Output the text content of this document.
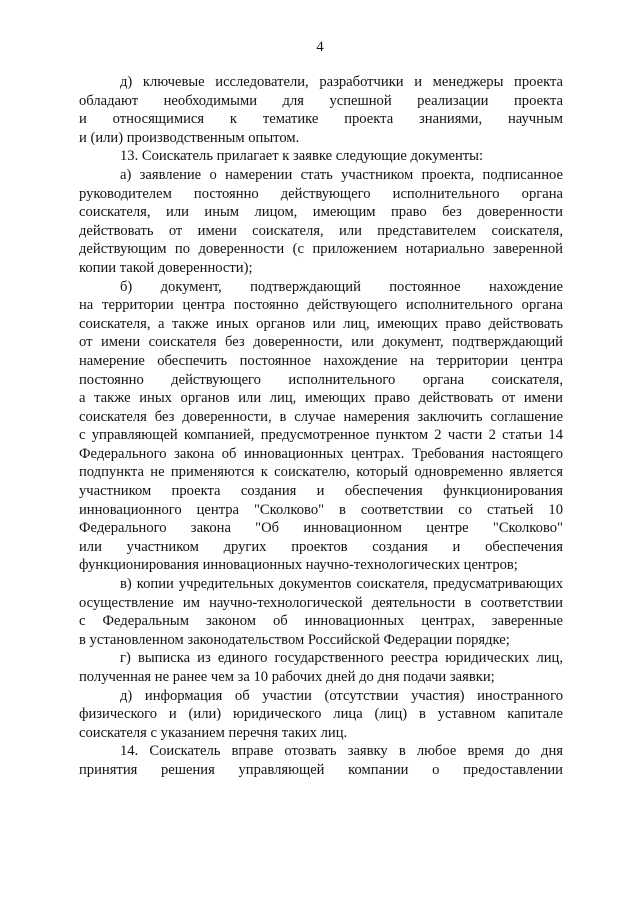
4
д) ключевые исследователи, разработчики и менеджеры проекта
обладают необходимыми для успешной реализации проекта
и относящимися к тематике проекта знаниями, научным
и (или) производственным опытом.
13. Соискатель прилагает к заявке следующие документы:
а) заявление о намерении стать участником проекта, подписанное
руководителем постоянно действующего исполнительного органа
соискателя, или иным лицом, имеющим право без доверенности
действовать от имени соискателя, или представителем соискателя,
действующим по доверенности (с приложением нотариально заверенной
копии такой доверенности);
б) документ, подтверждающий постоянное нахождение
на территории центра постоянно действующего исполнительного органа
соискателя, а также иных органов или лиц, имеющих право действовать
от имени соискателя без доверенности, или документ, подтверждающий
намерение обеспечить постоянное нахождение на территории центра
постоянно действующего исполнительного органа соискателя,
а также иных органов или лиц, имеющих право действовать от имени
соискателя без доверенности, в случае намерения заключить соглашение
с управляющей компанией, предусмотренное пунктом 2 части 2 статьи 14
Федерального закона об инновационных центрах. Требования настоящего
подпункта не применяются к соискателю, который одновременно является
участником проекта создания и обеспечения функционирования
инновационного центра "Сколково" в соответствии со статьей 10
Федерального закона "Об инновационном центре "Сколково"
или участником других проектов создания и обеспечения
функционирования инновационных научно-технологических центров;
в) копии учредительных документов соискателя, предусматривающих
осуществление им научно-технологической деятельности в соответствии
с Федеральным законом об инновационных центрах, заверенные
в установленном законодательством Российской Федерации порядке;
г) выписка из единого государственного реестра юридических лиц,
полученная не ранее чем за 10 рабочих дней до дня подачи заявки;
д) информация об участии (отсутствии участия) иностранного
физического и (или) юридического лица (лиц) в уставном капитале
соискателя с указанием перечня таких лиц.
14. Соискатель вправе отозвать заявку в любое время до дня
принятия решения управляющей компании о предоставлении
